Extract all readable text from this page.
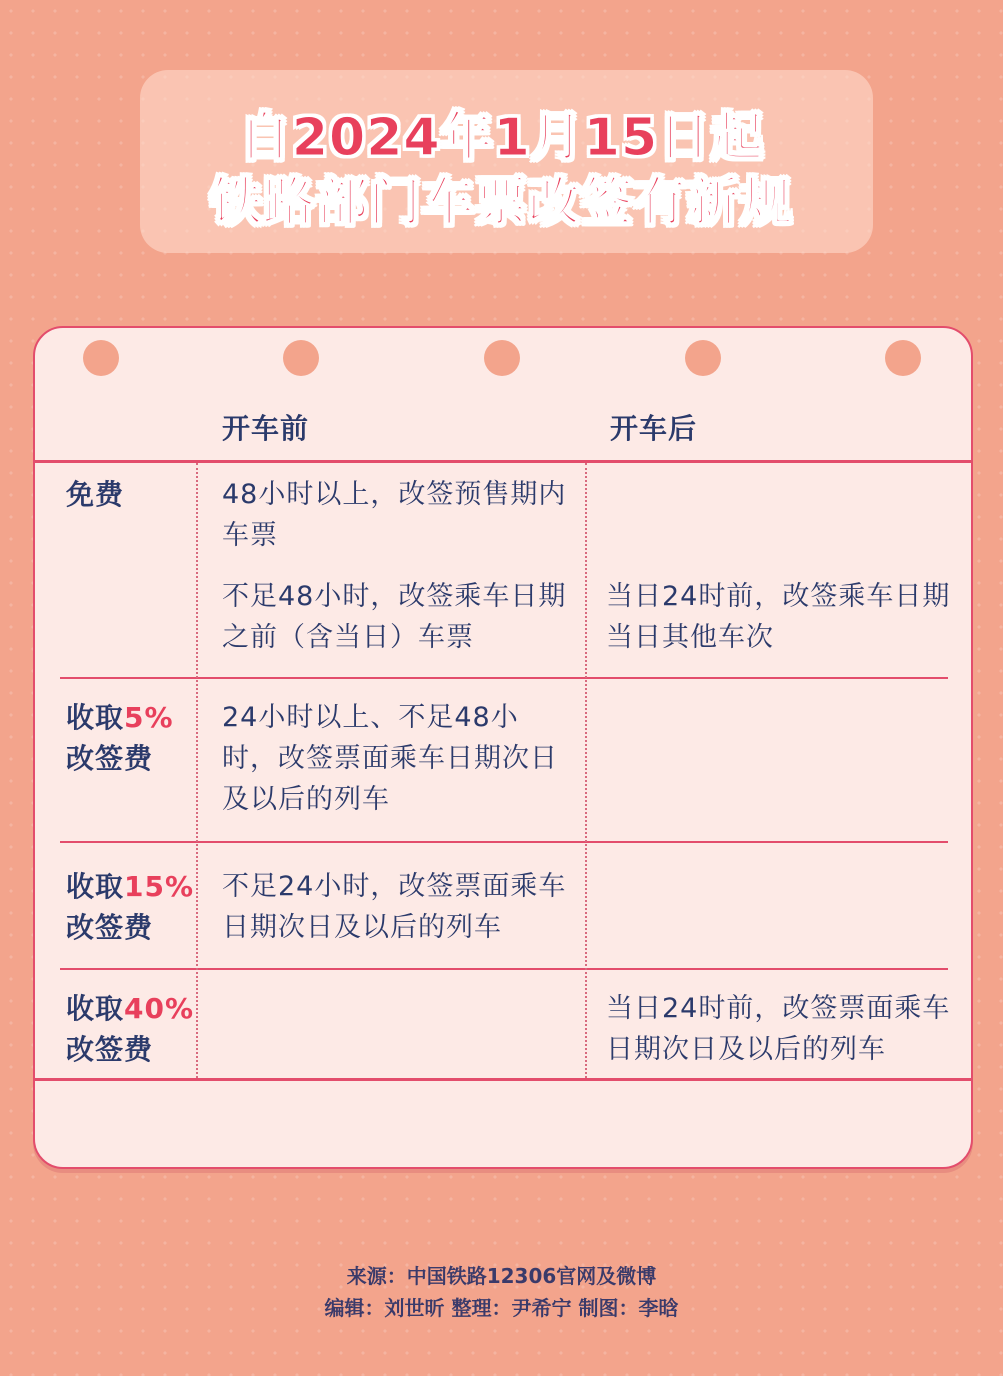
自2024年1月15日起
铁路部门车票改签有新规
开车前	开车后
免费	48小时以上，改签预售期内车票
不足48小时，改签乘车日期之前（含当日）车票
当日24时前，改签乘车日期当日其他车次
收取5%
改签费
24小时以上、不足48小时，改签票面乘车日期次日及以后的列车
收取15%
改签费
不足24小时，改签票面乘车日期次日及以后的列车
收取40%
改签费
当日24时前，改签票面乘车日期次日及以后的列车
来源：中国铁路12306官网及微博
编辑：刘世昕 整理：尹希宁 制图：李晗
